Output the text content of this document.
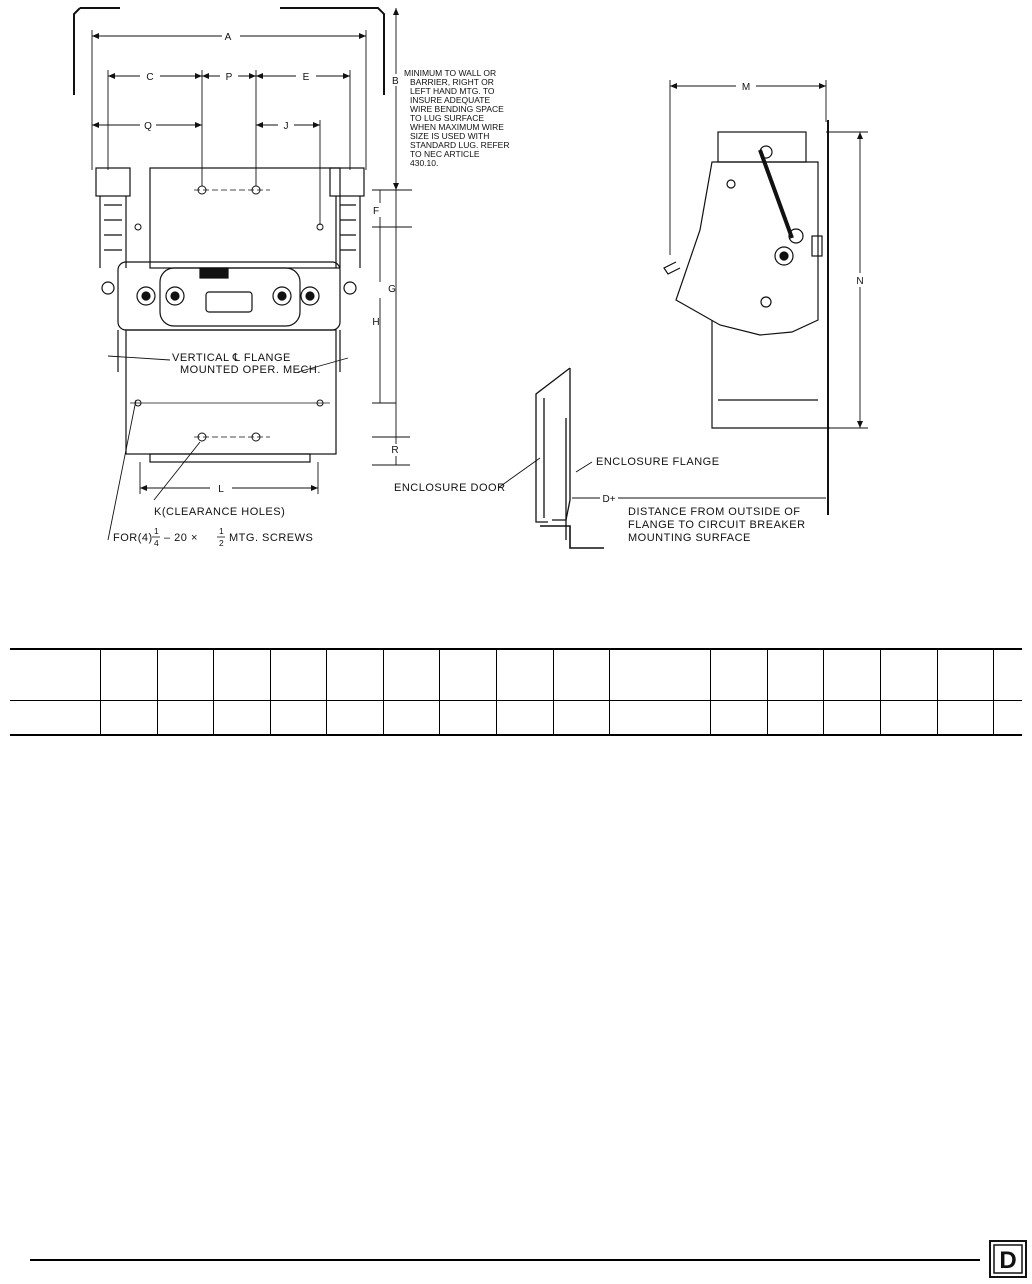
A
B
C	P	E
Q	J
F
G
H
R
L
MINIMUM TO WALL OR
BARRIER, RIGHT OR
LEFT HAND MTG. TO
INSURE ADEQUATE
WIRE BENDING SPACE
TO LUG SURFACE
WHEN MAXIMUM WIRE
SIZE IS USED WITH
STANDARD LUG. REFER
TO NEC ARTICLE
430.10.
VERTICAL ℄ FLANGE
MOUNTED OPER. MECH.
K(CLEARANCE HOLES)
FOR(4)
1
4 – 20 ×
1
2 MTG. SCREWS
M
N
ENCLOSURE DOOR
ENCLOSURE FLANGE
D+
DISTANCE FROM OUTSIDE OF
FLANGE TO CIRCUIT BREAKER
MOUNTING SURFACE

D
